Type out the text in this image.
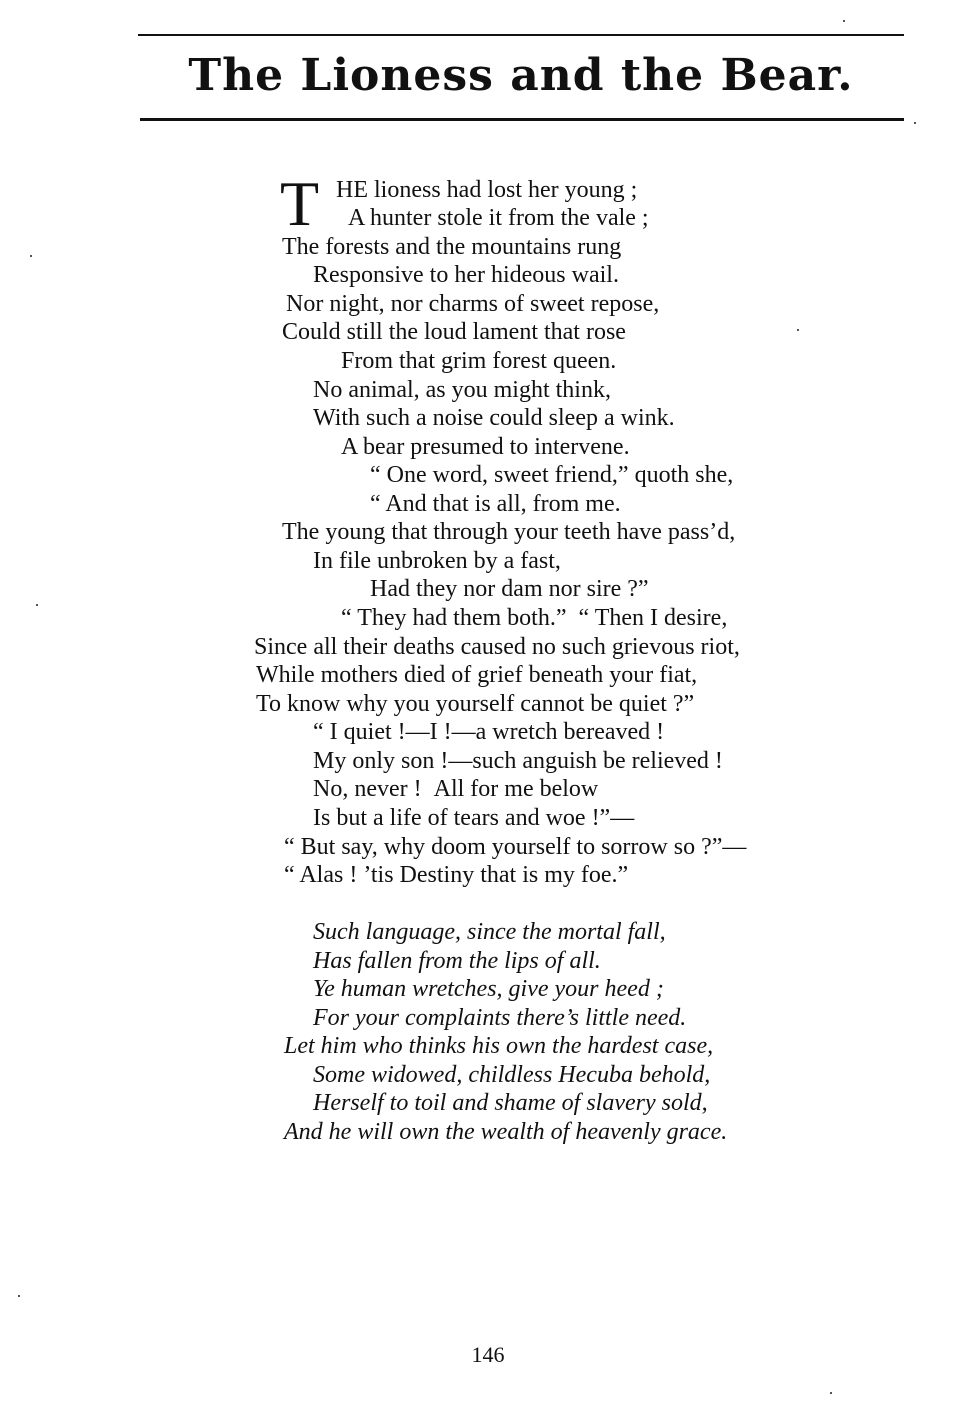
The Lioness and the Bear.
T HE lioness had lost her young ;
A hunter stole it from the vale ;
The forests and the mountains rung
Responsive to her hideous wail.
Nor night, nor charms of sweet repose,
Could still the loud lament that rose
From that grim forest queen.
No animal, as you might think,
With such a noise could sleep a wink.
A bear presumed to intervene.
“ One word, sweet friend,” quoth she,
“ And that is all, from me.
The young that through your teeth have pass’d,
In file unbroken by a fast,
Had they nor dam nor sire ?”
“ They had them both.”  “ Then I desire,
Since all their deaths caused no such grievous riot,
While mothers died of grief beneath your fiat,
To know why you yourself cannot be quiet ?”
“ I quiet !—I !—a wretch bereaved !
My only son !—such anguish be relieved !
No, never !  All for me below
Is but a life of tears and woe !”—
“ But say, why doom yourself to sorrow so ?”—
“ Alas ! ’tis Destiny that is my foe.”
Such language, since the mortal fall,
Has fallen from the lips of all.
Ye human wretches, give your heed ;
For your complaints there’s little need.
Let him who thinks his own the hardest case,
Some widowed, childless Hecuba behold,
Herself to toil and shame of slavery sold,
And he will own the wealth of heavenly grace.
146
